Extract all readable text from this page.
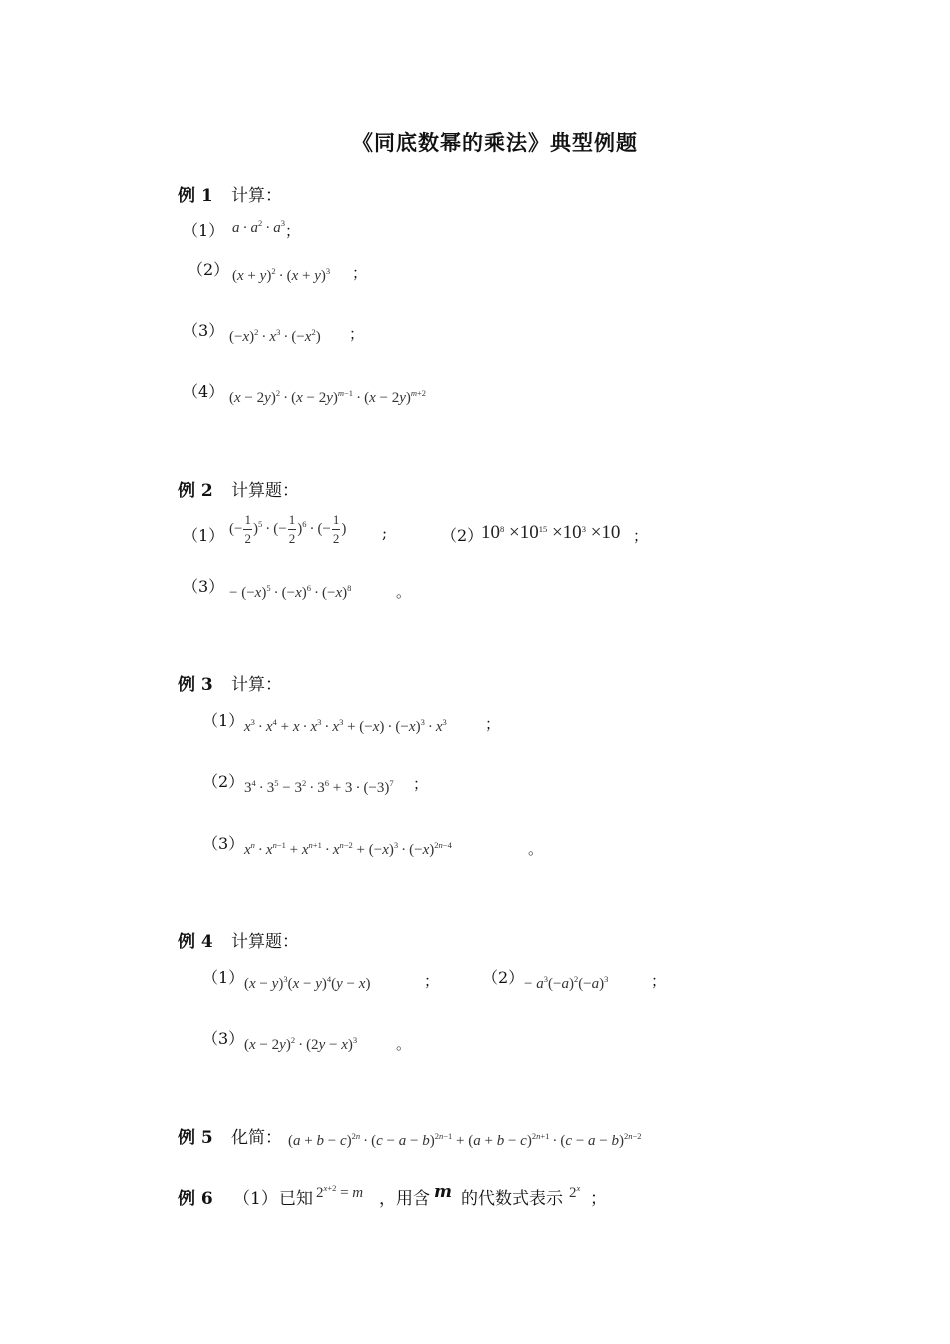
《同底数幂的乘法》典型例题
例 1 计算：
（1） $a \cdot a^2 \cdot a^3$ ；
（2） $(x + y)^2 \cdot (x + y)^3$ ；
（3） $(-x)^2 \cdot x^3 \cdot (-x^2)$ ；
（4） $(x - 2y)^2 \cdot (x - 2y)^{m-1} \cdot (x - 2y)^{m+2}$
例 2 计算题：
（1） (− $\frac{1}{2} )^5$ · (− $\frac{1}{2} )^6$ · (− $\frac{1}{2}$ ) ;	（2）
$10^8 \times 10^{15} \times 10^3 \times 10$ ；
$(3) - (-x)^5 \cdot (-x)^6 \cdot (-x)^8$	。
例 3 计算：
（1） $x^3 \cdot x^4 + x \cdot x^3 \cdot x^3 + (-x) \cdot (-x)^3 \cdot x^3$	；
（2） $3^4 \cdot 3^5 - 3^2 \cdot 3^6 + 3 \cdot (-3)^7$ ；
（3） $x^n \cdot x^{n-1} + x^{n+1} \cdot x^{n-2} + (-x)^3 \cdot (-x)^{2n-4}$	。
例 4 计算题：
（1） $(x - y)^3(x - y)^4(y - x)$	；	$(2) - a^3(-a)^2(-a)^3$	；
（3） $(x - 2y)^2 \cdot (2y - x)^3$	。
例 5 化简： $(a + b - c)^{2n} \cdot (c - a - b)^{2n-1} + (a + b - c)^{2n+1} \cdot (c - a - b)^{2n-2}$
例 6 （1） 已知 $2^{x+2} = m$ ，用含 m 的代数式表示 2$^x$
；
